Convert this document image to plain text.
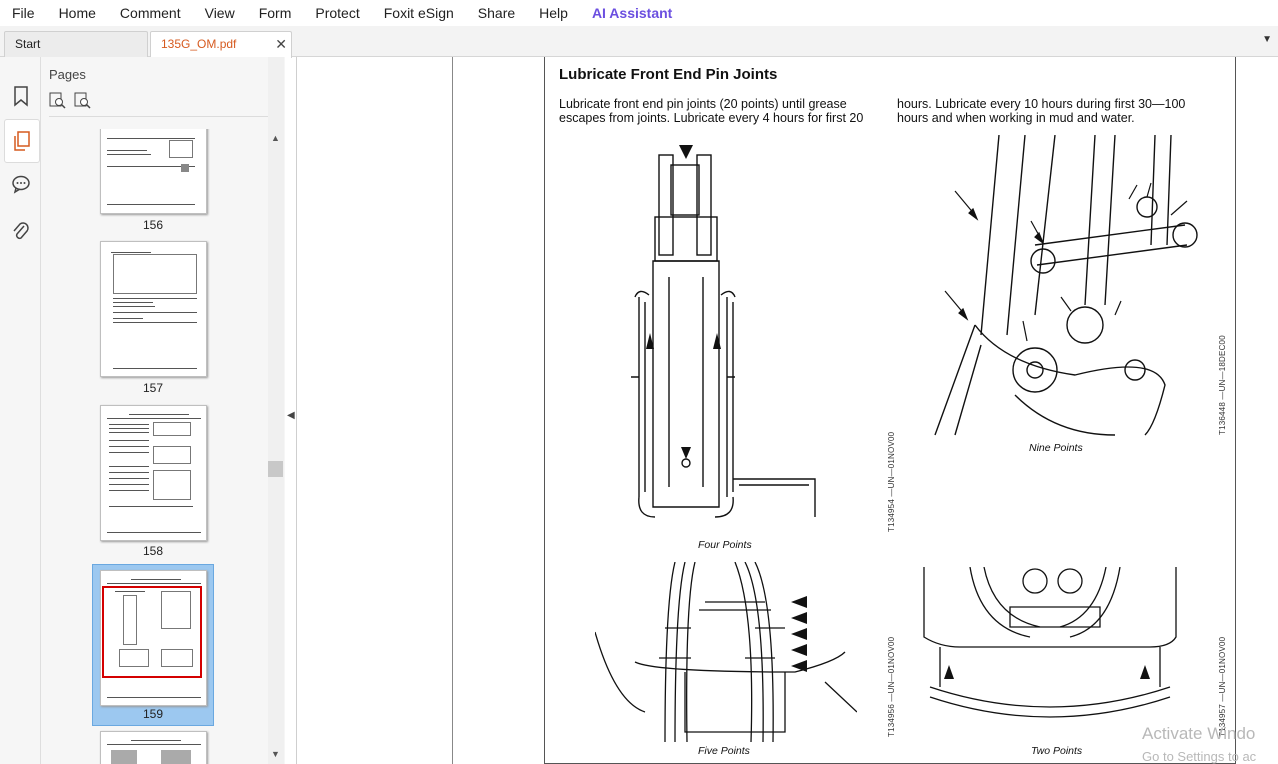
File	Home	Comment	View	Form	Protect	Foxit eSign	Share	Help	AI Assistant
Start	135G_OM.pdf	✕	▼
Pages
156
157
158
159
▲
▼
◀
Lubricate Front End Pin Joints
Lubricate front end pin joints (20 points) until grease escapes from joints. Lubricate every 4 hours for first 20
hours. Lubricate every 10 hours during first 30—100 hours and when working in mud and water.
Four Points
T134954 —UN—01NOV00	Nine Points
T136448 —UN—18DEC00
Five Points
T134956 —UN—01NOV00
Two Points
T134957 —UN—01NOV00
Activate Windo
Go to Settings to ac
